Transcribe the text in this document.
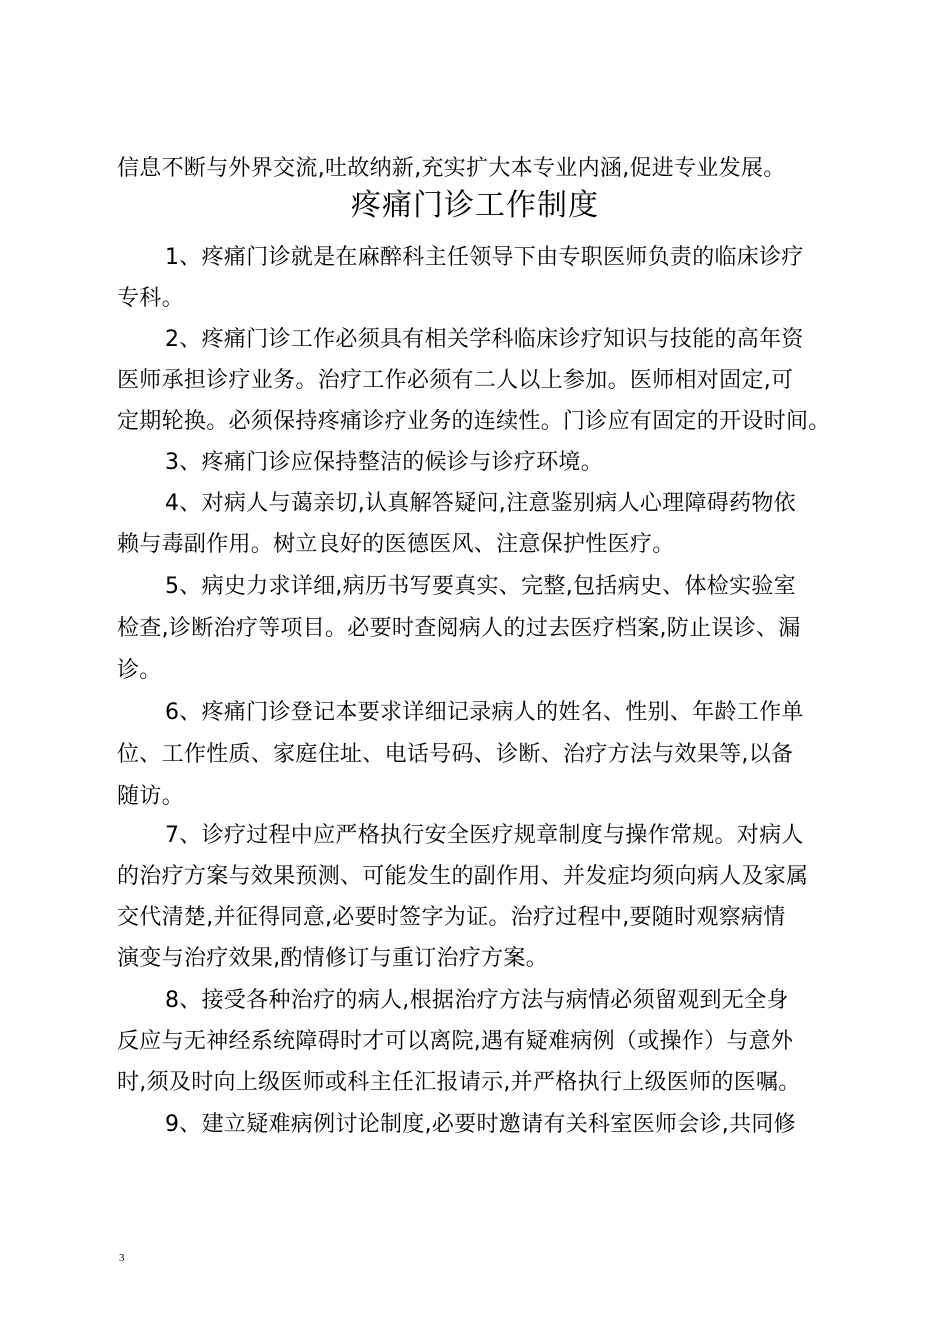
信息不断与外界交流,吐故纳新,充实扩大本专业内涵,促进专业发展。
疼痛门诊工作制度
1、疼痛门诊就是在麻醉科主任领导下由专职医师负责的临床诊疗
专科。
2、疼痛门诊工作必须具有相关学科临床诊疗知识与技能的高年资
医师承担诊疗业务。治疗工作必须有二人以上参加。医师相对固定,可
定期轮换。必须保持疼痛诊疗业务的连续性。门诊应有固定的开设时间。
3、疼痛门诊应保持整洁的候诊与诊疗环境。
4、对病人与蔼亲切,认真解答疑问,注意鉴别病人心理障碍药物依
赖与毒副作用。树立良好的医德医风、注意保护性医疗。
5、病史力求详细,病历书写要真实、完整,包括病史、体检实验室
检查,诊断治疗等项目。必要时查阅病人的过去医疗档案,防止误诊、漏
诊。
6、疼痛门诊登记本要求详细记录病人的姓名、性别、年龄工作单
位、工作性质、家庭住址、电话号码、诊断、治疗方法与效果等,以备
随访。
7、诊疗过程中应严格执行安全医疗规章制度与操作常规。对病人
的治疗方案与效果预测、可能发生的副作用、并发症均须向病人及家属
交代清楚,并征得同意,必要时签字为证。治疗过程中,要随时观察病情
演变与治疗效果,酌情修订与重订治疗方案。
8、接受各种治疗的病人,根据治疗方法与病情必须留观到无全身
反应与无神经系统障碍时才可以离院,遇有疑难病例（或操作）与意外
时,须及时向上级医师或科主任汇报请示,并严格执行上级医师的医嘱。
9、建立疑难病例讨论制度,必要时邀请有关科室医师会诊,共同修
3
